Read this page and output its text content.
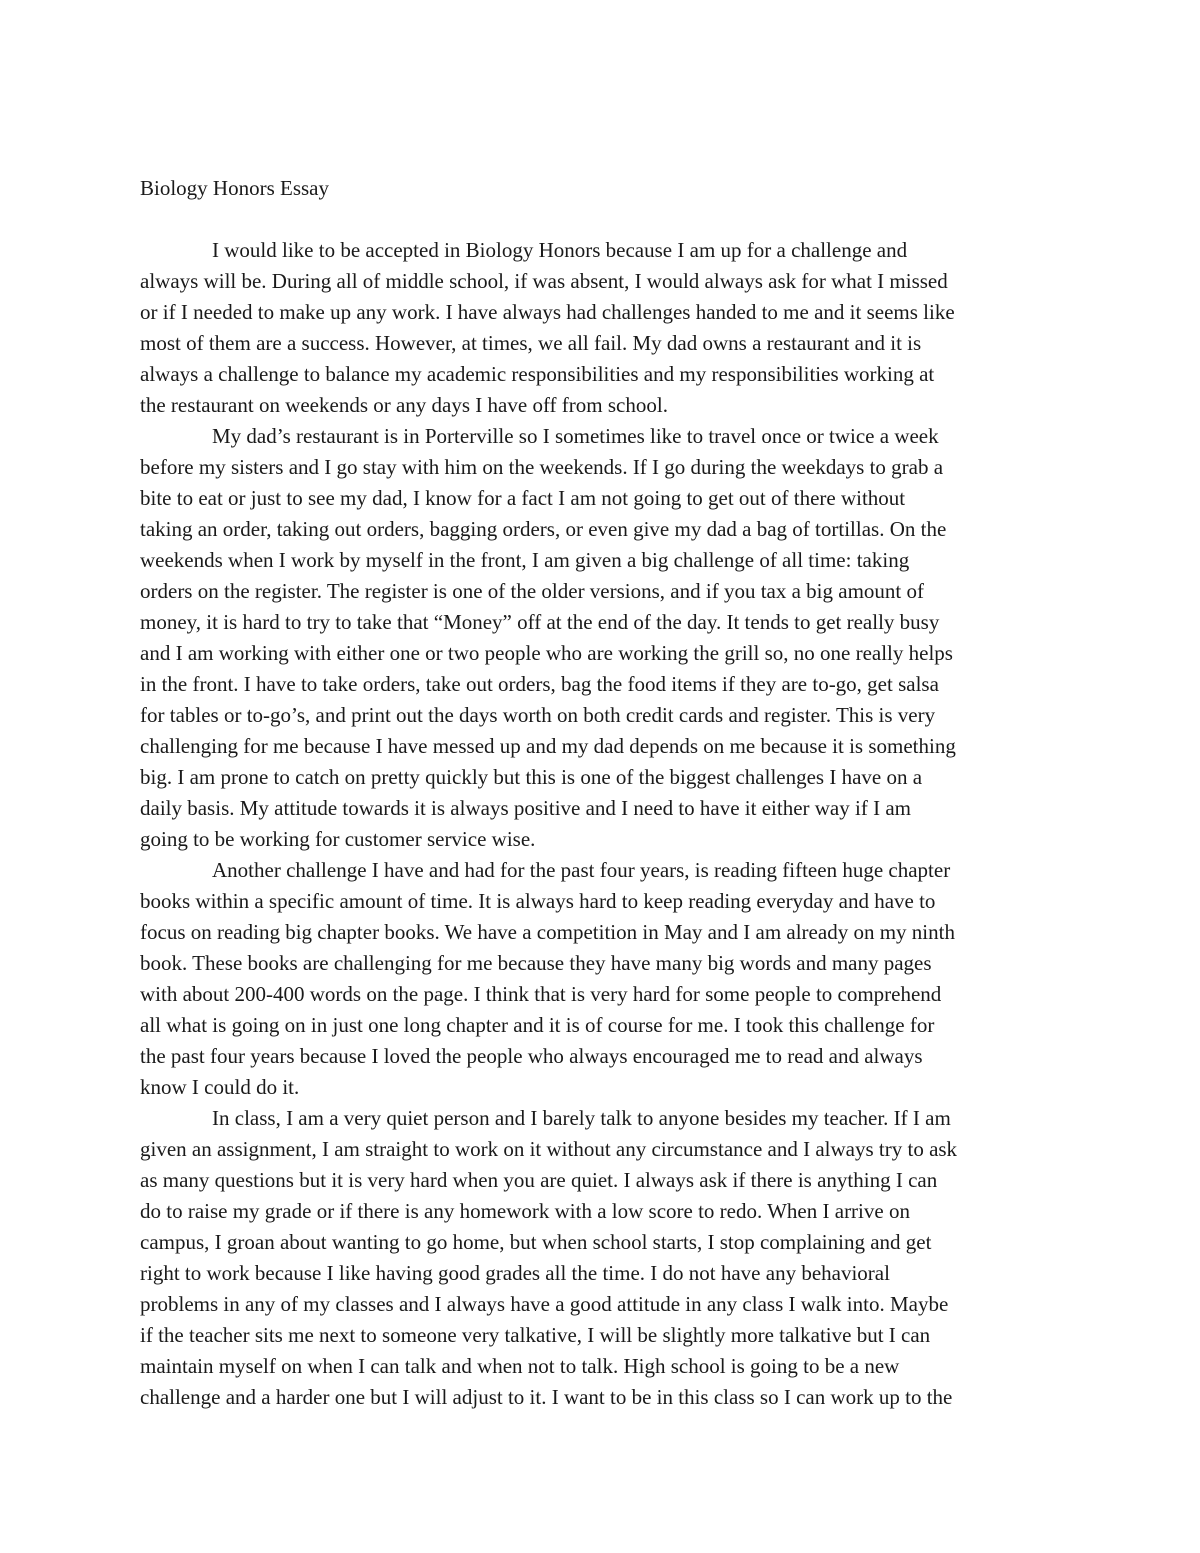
Biology Honors Essay
I would like to be accepted in Biology Honors because I am up for a challenge and
always will be. During all of middle school, if was absent, I would always ask for what I missed
or if I needed to make up any work. I have always had challenges handed to me and it seems like
most of them are a success. However, at times, we all fail. My dad owns a restaurant and it is
always a challenge to balance my academic responsibilities and my responsibilities working at
the restaurant on weekends or any days I have off from school.
My dad’s restaurant is in Porterville so I sometimes like to travel once or twice a week
before my sisters and I go stay with him on the weekends. If I go during the weekdays to grab a
bite to eat or just to see my dad, I know for a fact I am not going to get out of there without
taking an order, taking out orders, bagging orders, or even give my dad a bag of tortillas. On the
weekends when I work by myself in the front, I am given a big challenge of all time: taking
orders on the register. The register is one of the older versions, and if you tax a big amount of
money, it is hard to try to take that “Money” off at the end of the day. It tends to get really busy
and I am working with either one or two people who are working the grill so, no one really helps
in the front. I have to take orders, take out orders, bag the food items if they are to-go, get salsa
for tables or to-go’s, and print out the days worth on both credit cards and register. This is very
challenging for me because I have messed up and my dad depends on me because it is something
big. I am prone to catch on pretty quickly but this is one of the biggest challenges I have on a
daily basis. My attitude towards it is always positive and I need to have it either way if I am
going to be working for customer service wise.
Another challenge I have and had for the past four years, is reading fifteen huge chapter
books within a specific amount of time. It is always hard to keep reading everyday and have to
focus on reading big chapter books. We have a competition in May and I am already on my ninth
book. These books are challenging for me because they have many big words and many pages
with about 200-400 words on the page. I think that is very hard for some people to comprehend
all what is going on in just one long chapter and it is of course for me. I took this challenge for
the past four years because I loved the people who always encouraged me to read and always
know I could do it.
In class, I am a very quiet person and I barely talk to anyone besides my teacher. If I am
given an assignment, I am straight to work on it without any circumstance and I always try to ask
as many questions but it is very hard when you are quiet. I always ask if there is anything I can
do to raise my grade or if there is any homework with a low score to redo. When I arrive on
campus, I groan about wanting to go home, but when school starts, I stop complaining and get
right to work because I like having good grades all the time. I do not have any behavioral
problems in any of my classes and I always have a good attitude in any class I walk into. Maybe
if the teacher sits me next to someone very talkative, I will be slightly more talkative but I can
maintain myself on when I can talk and when not to talk. High school is going to be a new
challenge and a harder one but I will adjust to it. I want to be in this class so I can work up to the
